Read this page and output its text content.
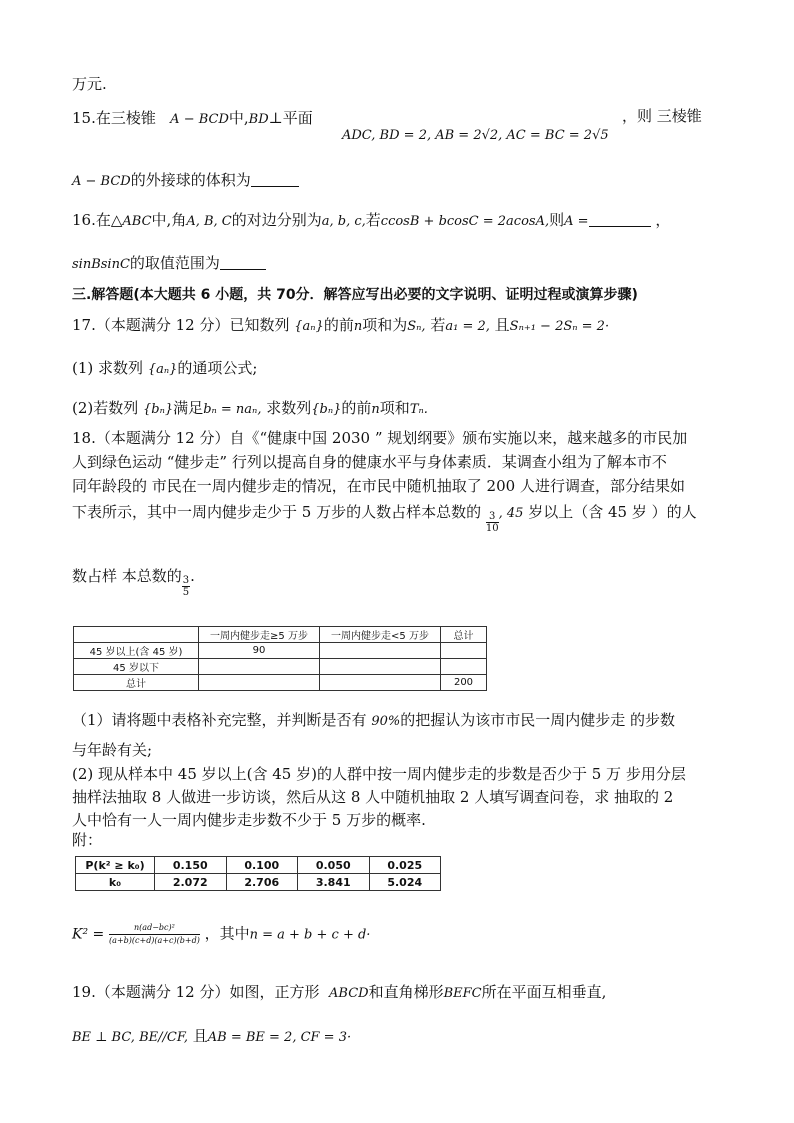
万元.
15.在三棱锥 A − BCD中,BD⊥平面
ADC, BD = 2, AB = 2√2, AC = BC = 2√5
，则 三棱锥
A − BCD的外接球的体积为
16.在△ABC中,角A, B, C的对边分别为a, b, c,若ccosB + bcosC = 2acosA,则A =	，
sinBsinC的取值范围为
三.解答题(本大题共 6 小题，共 70分．解答应写出必要的文字说明、证明过程或演算步骤)
17.（本题满分 12 分）已知数列 {aₙ}的前n项和为Sₙ, 若a₁ = 2, 且Sₙ₊₁ − 2Sₙ = 2·
(1) 求数列 {aₙ}的通项公式;
(2)若数列 {bₙ}满足bₙ = naₙ, 求数列{bₙ}的前n项和Tₙ.
18.（本题满分 12 分）自《“健康中国 2030 ” 规划纲要》颁布实施以来，越来越多的市民加
人到绿色运动 “健步走” 行列以提高自身的健康水平与身体素质．某调查小组为了解本市不
同年龄段的 市民在一周内健步走的情况，在市民中随机抽取了 200 人进行调查，部分结果如
下表所示，其中一周内健步走少于 5 万步的人数占样本总数的 $\frac{3}{10}$ , 45 岁以上（含 45 岁 ）的人
数占样 本总数的 $\frac{3}{5}$ .
	一周内健步走≥5 万步	一周内健步走<5 万步	总计
45 岁以上(含 45 岁)	90		
45 岁以下			
总计			200
（1）请将题中表格补充完整，并判断是否有 90%的把握认为该市市民一周内健步走 的步数
与年龄有关;
(2) 现从样本中 45 岁以上(含 45 岁)的人群中按一周内健步走的步数是否少于 5 万 步用分层
抽样法抽取 8 人做进一步访谈，然后从这 8 人中随机抽取 2 人填写调查问卷，求 抽取的 2
人中恰有一人一周内健步走步数不少于 5 万步的概率.
附：
P(k² ≥ k₀)	0.150	0.100	0.050	0.025
k₀	2.072	2.706	3.841	5.024
$K^2 = \frac{\text{n(ad−bc)²}}{(a+b)(c+d)(a+c)(b+d)}$ ，其中n = a + b + c + d·
19.（本题满分 12 分）如图，正方形 ABCD和直角梯形BEFC所在平面互相垂直,
BE ⊥ BC, BE//CF, 且AB = BE = 2, CF = 3·
